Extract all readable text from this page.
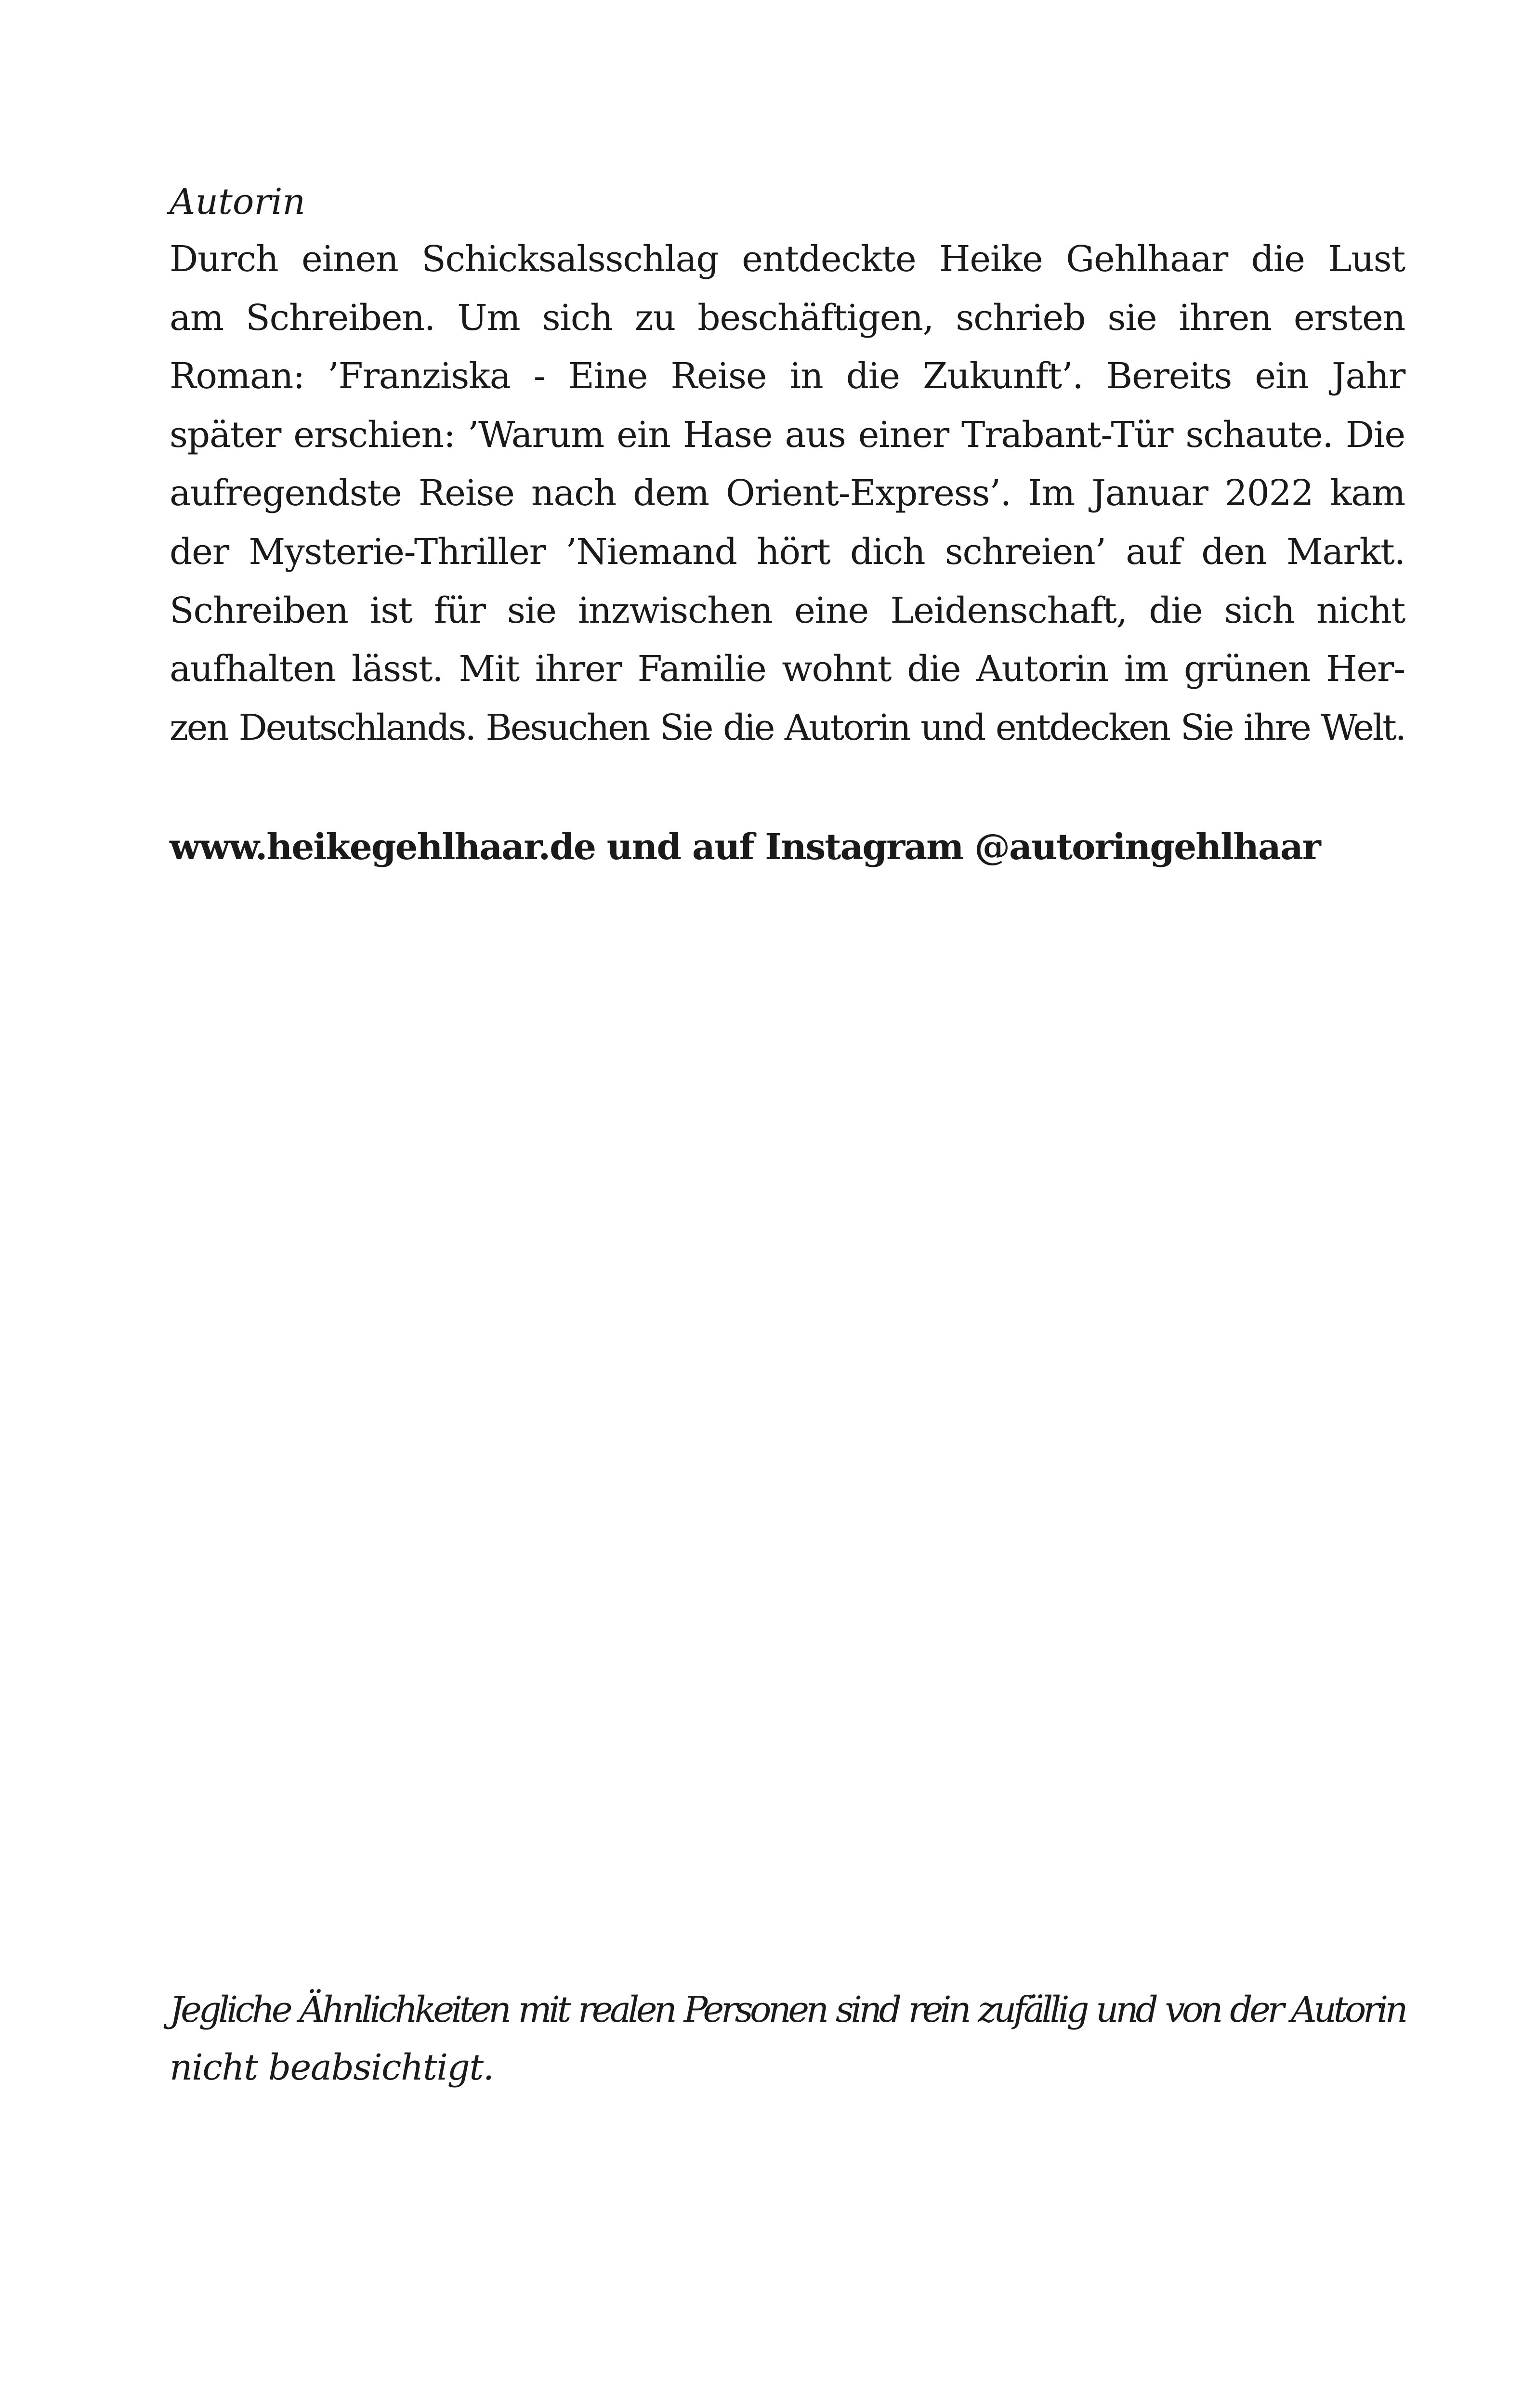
Autorin
Durch einen Schicksalsschlag entdeckte Heike Gehlhaar die Lust
am Schreiben. Um sich zu beschäftigen, schrieb sie ihren ersten
Roman: ’Franziska - Eine Reise in die Zukunft’. Bereits ein Jahr
später erschien: ’Warum ein Hase aus einer Trabant-Tür schaute. Die
aufregendste Reise nach dem Orient-Express’. Im Januar 2022 kam
der Mysterie-Thriller ’Niemand hört dich schreien’ auf den Markt.
Schreiben ist für sie inzwischen eine Leidenschaft, die sich nicht
aufhalten lässt. Mit ihrer Familie wohnt die Autorin im grünen Her-
zen Deutschlands. Besuchen Sie die Autorin und entdecken Sie ihre Welt.
www.heikegehlhaar.de und auf Instagram @autoringehlhaar
Jegliche Ähnlichkeiten mit realen Personen sind rein zufällig und von der Autorin
nicht beabsichtigt.
